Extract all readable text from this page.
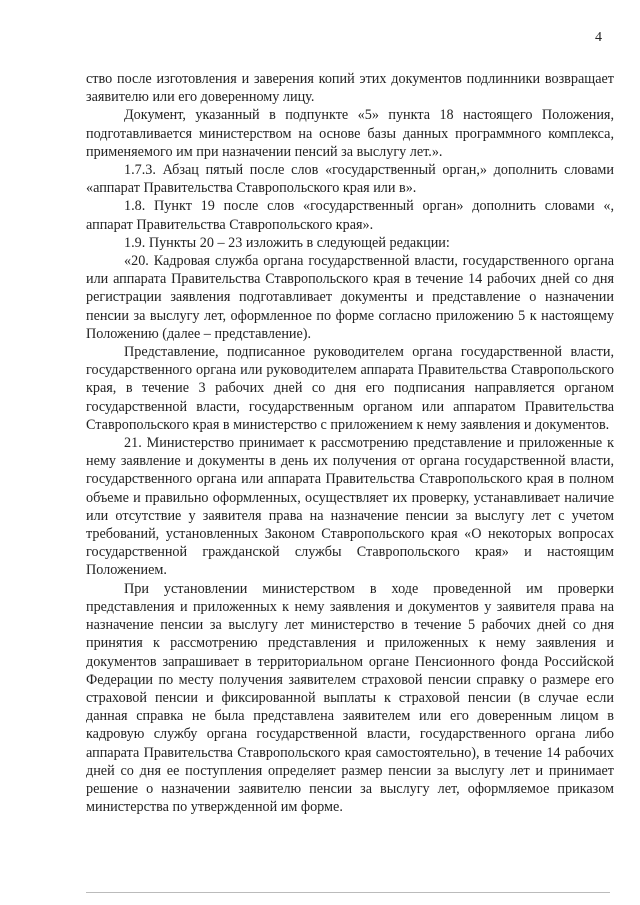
4

ство после изготовления и заверения копий этих документов подлинники возвращает заявителю или его доверенному лицу.

Документ, указанный в подпункте «5» пункта 18 настоящего Положения, подготавливается министерством на основе базы данных программного комплекса, применяемого им при назначении пенсий за выслугу лет.».

1.7.3. Абзац пятый после слов «государственный орган,» дополнить словами «аппарат Правительства Ставропольского края или в».

1.8. Пункт 19 после слов «государственный орган» дополнить словами «, аппарат Правительства Ставропольского края».

1.9. Пункты 20 – 23 изложить в следующей редакции:

«20. Кадровая служба органа государственной власти, государственного органа или аппарата Правительства Ставропольского края в течение 14 рабочих дней со дня регистрации заявления подготавливает документы и представление о назначении пенсии за выслугу лет, оформленное по форме согласно приложению 5 к настоящему Положению (далее – представление).

Представление, подписанное руководителем органа государственной власти, государственного органа или руководителем аппарата Правительства Ставропольского края, в течение 3 рабочих дней со дня его подписания направляется органом государственной власти, государственным органом или аппаратом Правительства Ставропольского края в министерство с приложением к нему заявления и документов.

21. Министерство принимает к рассмотрению представление и приложенные к нему заявление и документы в день их получения от органа государственной власти, государственного органа или аппарата Правительства Ставропольского края в полном объеме и правильно оформленных, осуществляет их проверку, устанавливает наличие или отсутствие у заявителя права на назначение пенсии за выслугу лет с учетом требований, установленных Законом Ставропольского края «О некоторых вопросах государственной гражданской службы Ставропольского края» и настоящим Положением.

При установлении министерством в ходе проведенной им проверки представления и приложенных к нему заявления и документов у заявителя права на назначение пенсии за выслугу лет министерство в течение 5 рабочих дней со дня принятия к рассмотрению представления и приложенных к нему заявления и документов запрашивает в территориальном органе Пенсионного фонда Российской Федерации по месту получения заявителем страховой пенсии справку о размере его страховой пенсии и фиксированной выплаты к страховой пенсии (в случае если данная справка не была представлена заявителем или его доверенным лицом в кадровую службу органа государственной власти, государственного органа либо аппарата Правительства Ставропольского края самостоятельно), в течение 14 рабочих дней со дня ее поступления определяет размер пенсии за выслугу лет и принимает решение о назначении заявителю пенсии за выслугу лет, оформляемое приказом министерства по утвержденной им форме.
